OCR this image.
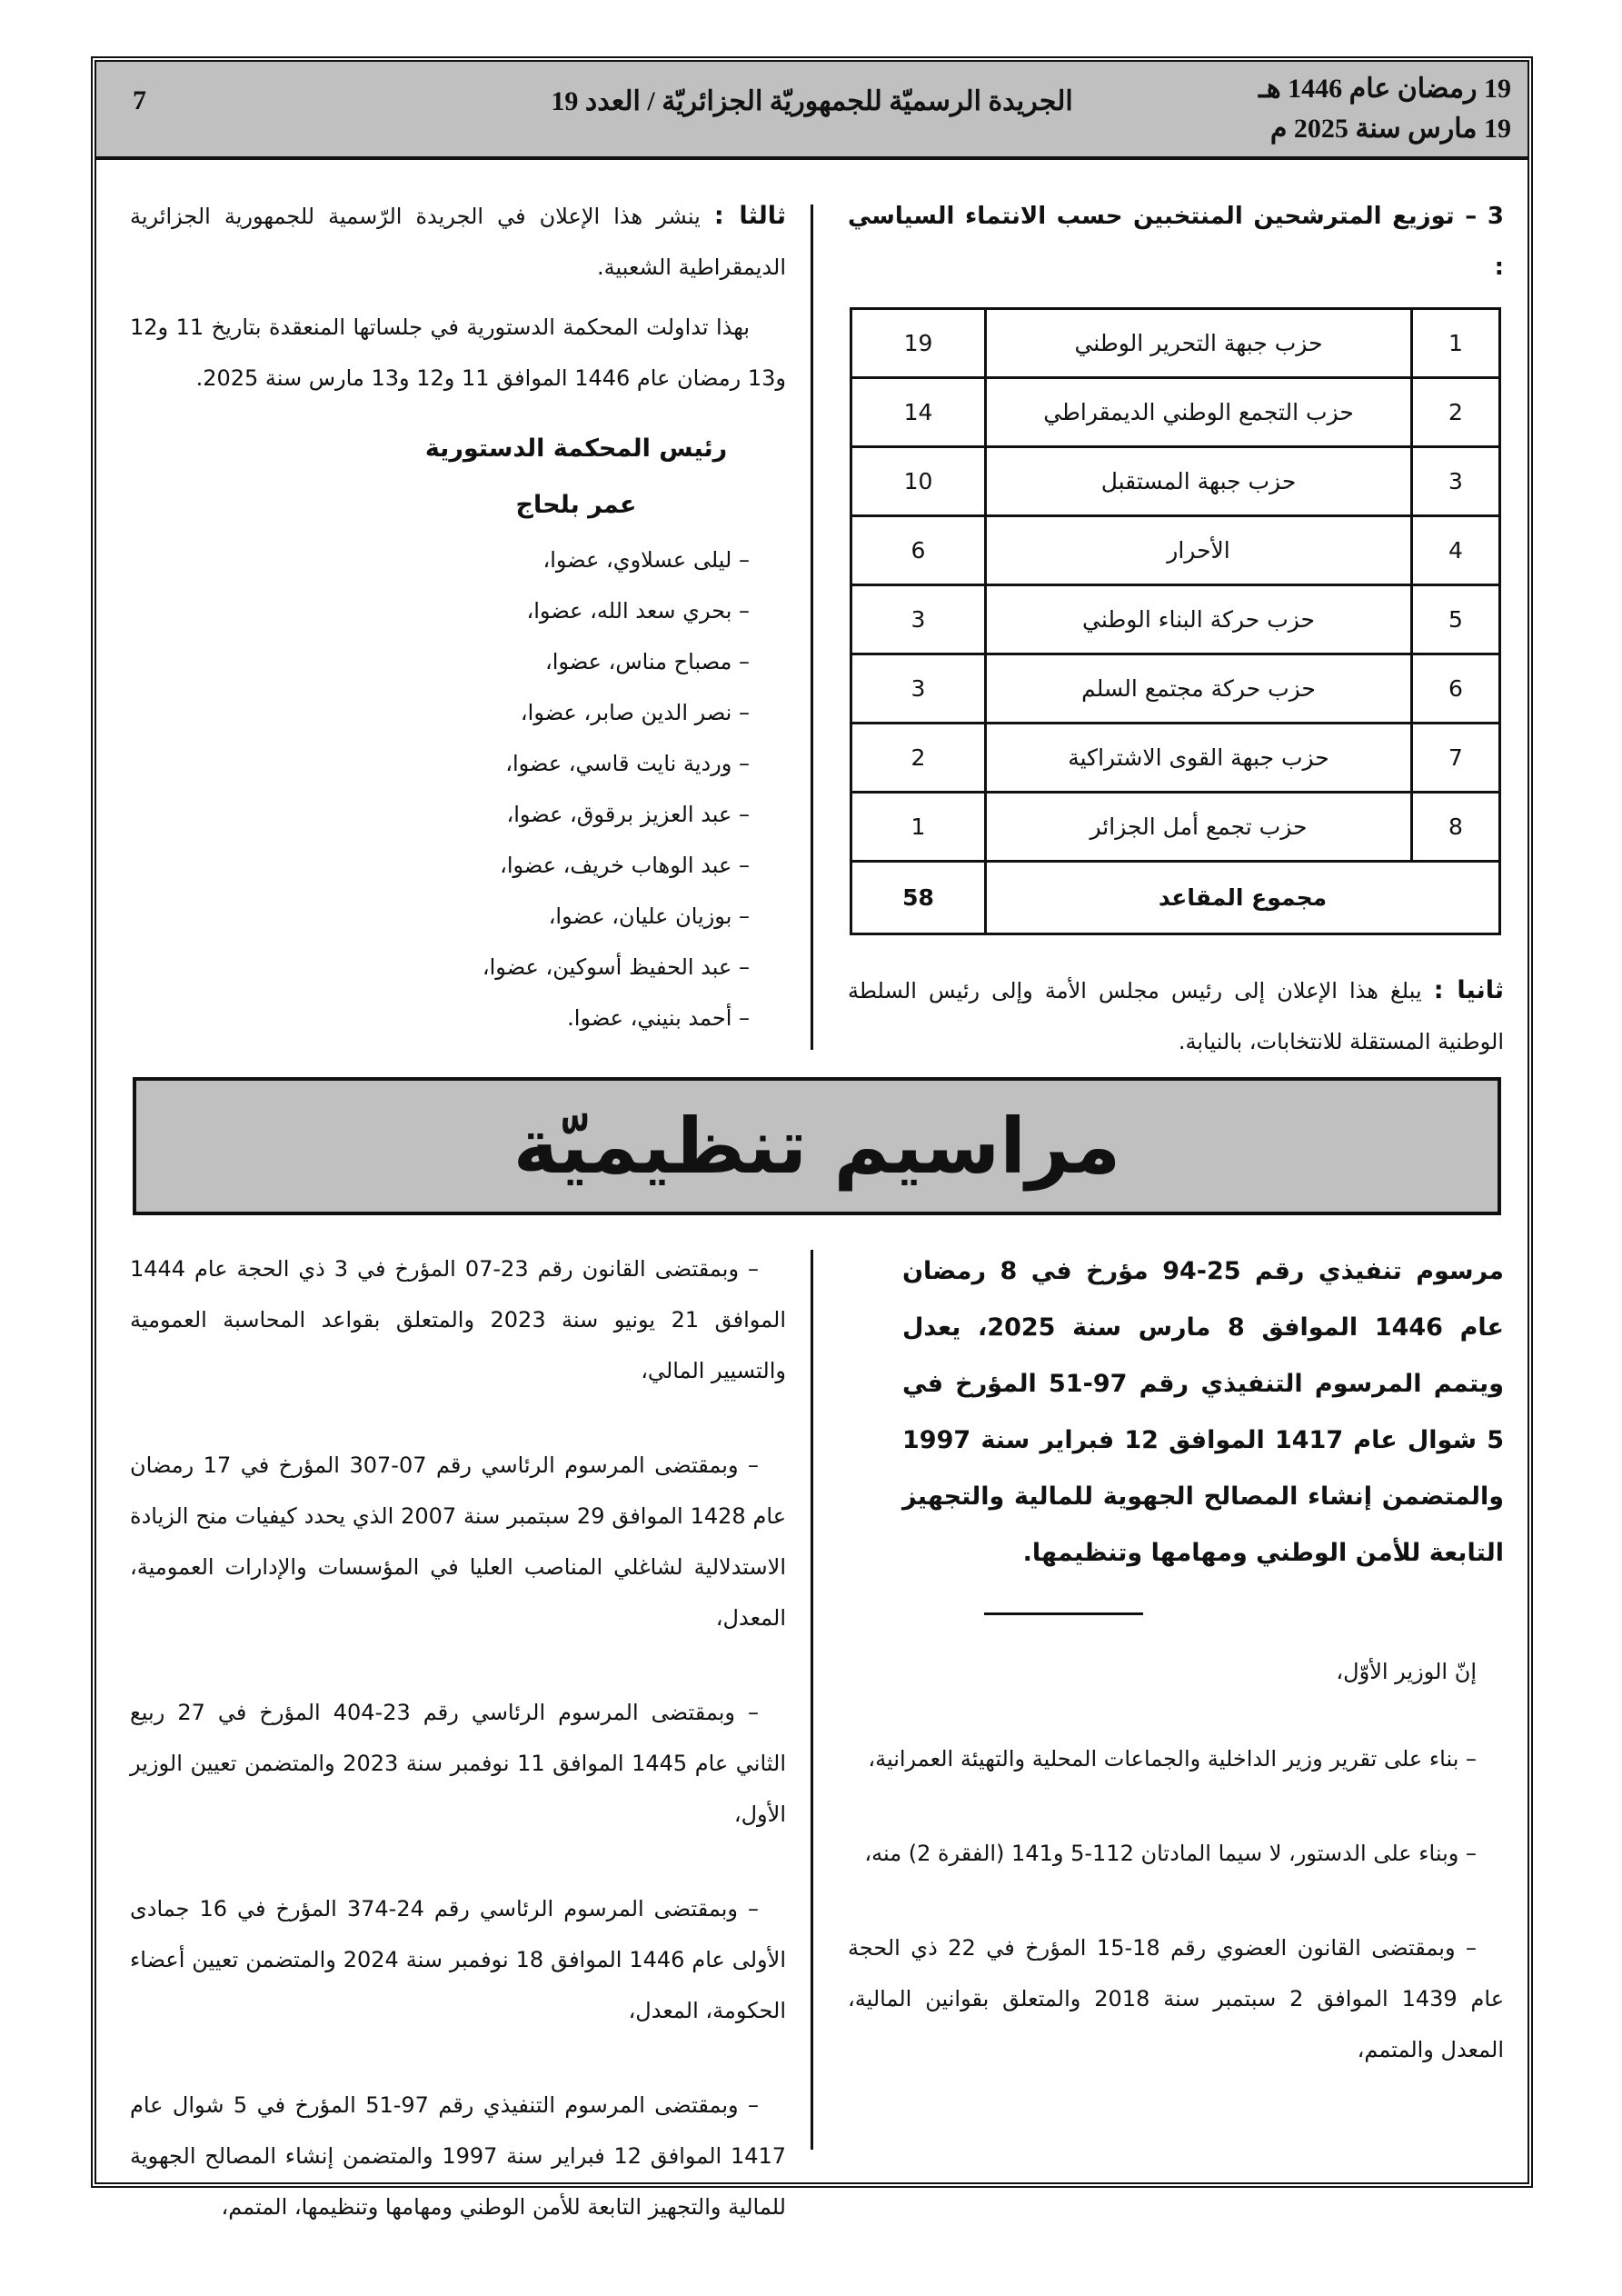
19 رمضان عام 1446 هـ
19 مارس سنة 2025 م
الجريدة الرسميّة للجمهوريّة الجزائريّة / العدد 19
7
3 – توزيع المترشحين المنتخبين حسب الانتماء السياسي :
1	حزب جبهة التحرير الوطني	19
2	حزب التجمع الوطني الديمقراطي	14
3	حزب جبهة المستقبل	10
4	الأحرار	6
5	حزب حركة البناء الوطني	3
6	حزب حركة مجتمع السلم	3
7	حزب جبهة القوى الاشتراكية	2
8	حزب تجمع أمل الجزائر	1
مجموع المقاعد		58
ثانيا : يبلغ هذا الإعلان إلى رئيس مجلس الأمة وإلى رئيس السلطة الوطنية المستقلة للانتخابات، بالنيابة.

ثالثا : ينشر هذا الإعلان في الجريدة الرّسمية للجمهورية الجزائرية الديمقراطية الشعبية.

بهذا تداولت المحكمة الدستورية في جلساتها المنعقدة بتاريخ 11 و12 و13 رمضان عام 1446 الموافق 11 و12 و13 مارس سنة 2025.

رئيس المحكمة الدستورية
عمر بلحاج
– ليلى عسلاوي، عضوا،
– بحري سعد الله، عضوا،
– مصباح مناس، عضوا،
– نصر الدين صابر، عضوا،
– وردية نايت قاسي، عضوا،
– عبد العزيز برقوق، عضوا،
– عبد الوهاب خريف، عضوا،
– بوزيان عليان، عضوا،
– عبد الحفيظ أسوكين، عضوا،
– أحمد بنيني، عضوا.
مراسيم تنظيميّة
مرسوم تنفيذي رقم 25-94 مؤرخ في 8 رمضان عام 1446 الموافق 8 مارس سنة 2025، يعدل ويتمم المرسوم التنفيذي رقم 97-51 المؤرخ في 5 شوال عام 1417 الموافق 12 فبراير سنة 1997 والمتضمن إنشاء المصالح الجهوية للمالية والتجهيز التابعة للأمن الوطني ومهامها وتنظيمها.

إنّ الوزير الأوّل،

– بناء على تقرير وزير الداخلية والجماعات المحلية والتهيئة العمرانية،

– وبناء على الدستور، لا سيما المادتان 112-5 و141 (الفقرة 2) منه،

– وبمقتضى القانون العضوي رقم 18-15 المؤرخ في 22 ذي الحجة عام 1439 الموافق 2 سبتمبر سنة 2018 والمتعلق بقوانين المالية، المعدل والمتمم،

– وبمقتضى القانون رقم 23-07 المؤرخ في 3 ذي الحجة عام 1444 الموافق 21 يونيو سنة 2023 والمتعلق بقواعد المحاسبة العمومية والتسيير المالي،

– وبمقتضى المرسوم الرئاسي رقم 07-307 المؤرخ في 17 رمضان عام 1428 الموافق 29 سبتمبر سنة 2007 الذي يحدد كيفيات منح الزيادة الاستدلالية لشاغلي المناصب العليا في المؤسسات والإدارات العمومية، المعدل،

– وبمقتضى المرسوم الرئاسي رقم 23-404 المؤرخ في 27 ربيع الثاني عام 1445 الموافق 11 نوفمبر سنة 2023 والمتضمن تعيين الوزير الأول،

– وبمقتضى المرسوم الرئاسي رقم 24-374 المؤرخ في 16 جمادى الأولى عام 1446 الموافق 18 نوفمبر سنة 2024 والمتضمن تعيين أعضاء الحكومة، المعدل،

– وبمقتضى المرسوم التنفيذي رقم 97-51 المؤرخ في 5 شوال عام 1417 الموافق 12 فبراير سنة 1997 والمتضمن إنشاء المصالح الجهوية للمالية والتجهيز التابعة للأمن الوطني ومهامها وتنظيمها، المتمم،
